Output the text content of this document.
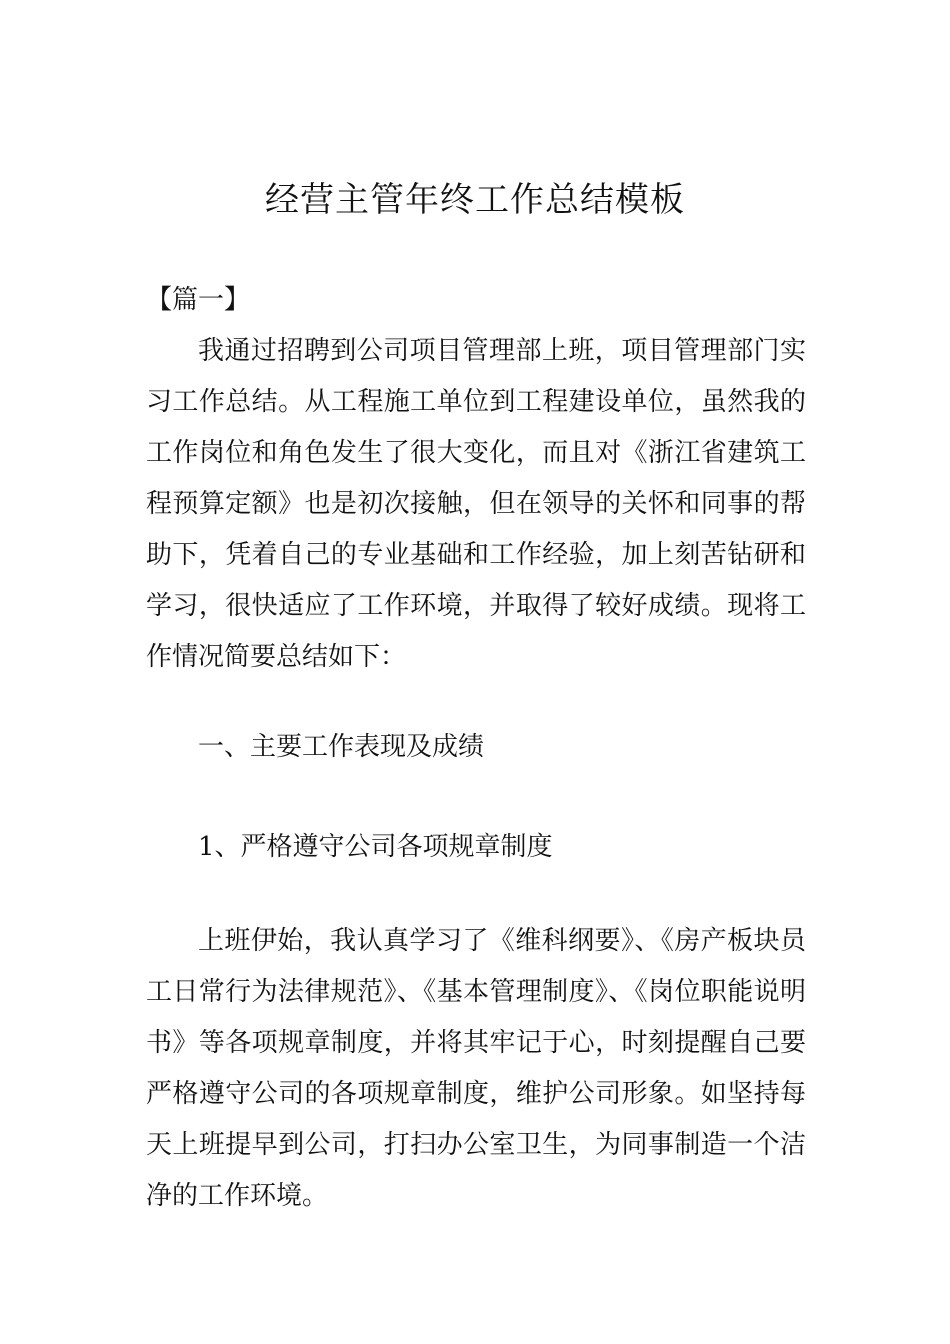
经营主管年终工作总结模板

【篇一】

我通过招聘到公司项目管理部上班，项目管理部门实习工作总结。从工程施工单位到工程建设单位，虽然我的工作岗位和角色发生了很大变化，而且对《浙江省建筑工程预算定额》也是初次接触，但在领导的关怀和同事的帮助下，凭着自己的专业基础和工作经验，加上刻苦钻研和学习，很快适应了工作环境，并取得了较好成绩。现将工作情况简要总结如下：

一、主要工作表现及成绩

1、严格遵守公司各项规章制度

上班伊始，我认真学习了《维科纲要》、《房产板块员工日常行为法律规范》、《基本管理制度》、《岗位职能说明书》等各项规章制度，并将其牢记于心，时刻提醒自己要严格遵守公司的各项规章制度，维护公司形象。如坚持每天上班提早到公司，打扫办公室卫生，为同事制造一个洁净的工作环境。
